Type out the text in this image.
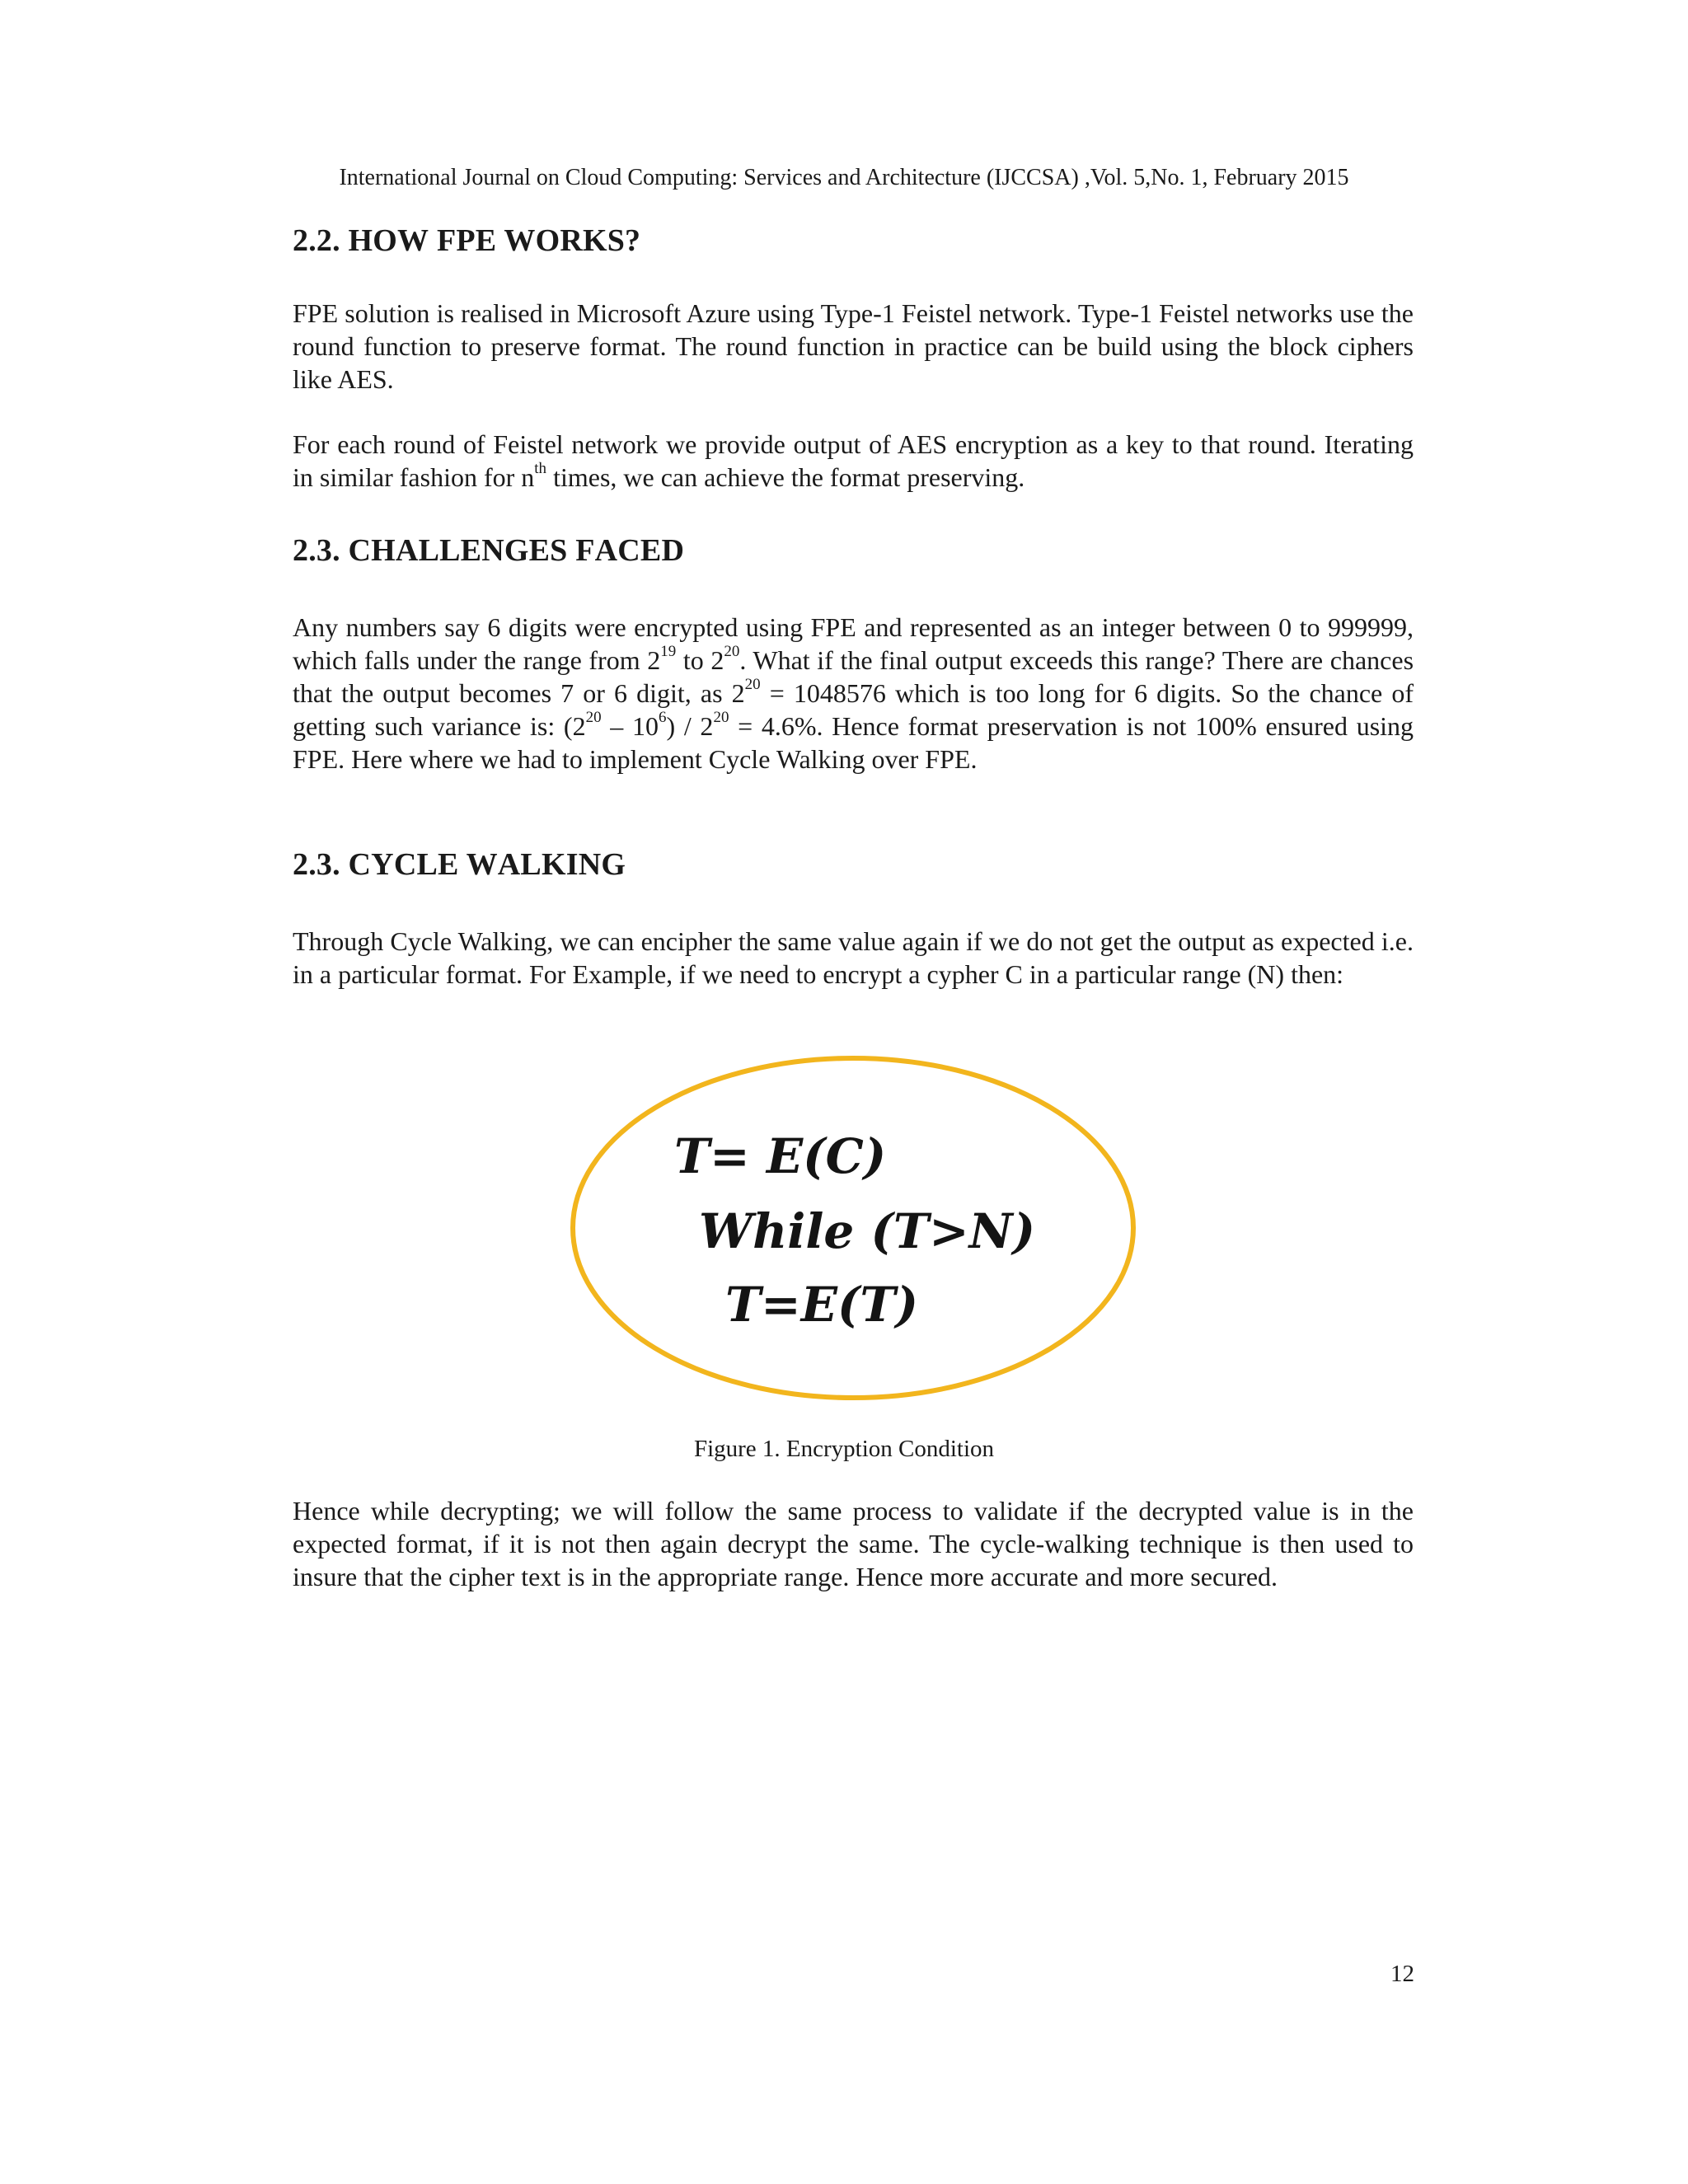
International Journal on Cloud Computing: Services and Architecture (IJCCSA) ,Vol. 5,No. 1, February 2015
2.2. HOW FPE WORKS?

FPE solution is realised in Microsoft Azure using Type-1 Feistel network. Type-1 Feistel networks use the round function to preserve format. The round function in practice can be build using the block ciphers like AES.

For each round of Feistel network we provide output of AES encryption as a key to that round. Iterating in similar fashion for $n^{th}$ times, we can achieve the format preserving.

2.3. CHALLENGES FACED

Any numbers say 6 digits were encrypted using FPE and represented as an integer between 0 to 999999, which falls under the range from $2^{19}$ to $2^{20}$. What if the final output exceeds this range? There are chances that the output becomes 7 or 6 digit, as $2^{20} = 1048576$ which is too long for 6 digits. So the chance of getting such variance is: $(2^{20} - 10^6) / 2^{20} = 4.6\%$. Hence format preservation is not 100% ensured using FPE. Here where we had to implement Cycle Walking over FPE.

2.3. CYCLE WALKING

Through Cycle Walking, we can encipher the same value again if we do not get the output as expected i.e. in a particular format. For Example, if we need to encrypt a cypher C in a particular range (N) then:

T= E(C)
While (T>N)
T=E(T)
Figure 1. Encryption Condition

Hence while decrypting; we will follow the same process to validate if the decrypted value is in the expected format, if it is not then again decrypt the same. The cycle-walking technique is then used to insure that the cipher text is in the appropriate range. Hence more accurate and more secured.

12
